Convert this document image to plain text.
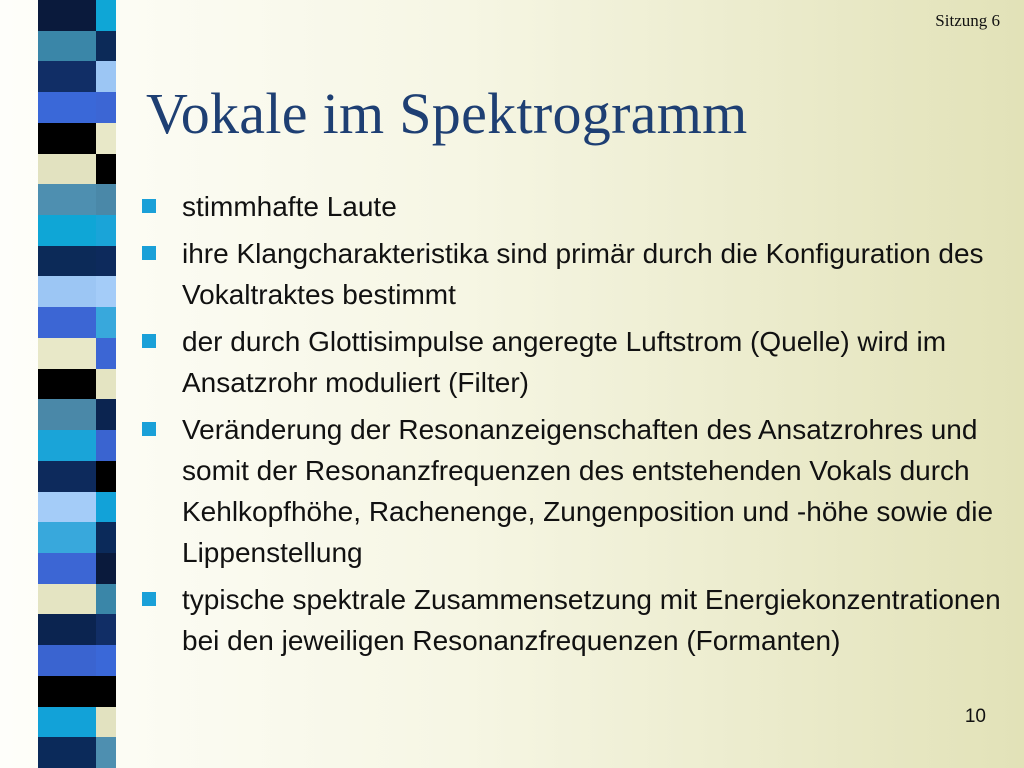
Sitzung 6
Vokale im Spektrogramm
stimmhafte Laute
ihre Klangcharakteristika sind primär durch die Konfiguration des Vokaltraktes bestimmt
der durch Glottisimpulse angeregte Luftstrom (Quelle) wird im Ansatzrohr moduliert (Filter)
Veränderung der Resonanzeigenschaften des Ansatzrohres und somit der Resonanzfrequenzen des entstehenden Vokals durch Kehlkopfhöhe, Rachenenge, Zungenposition und -höhe sowie die Lippenstellung
typische spektrale Zusammensetzung mit Energiekonzentrationen bei den jeweiligen Resonanzfrequenzen (Formanten)
10
